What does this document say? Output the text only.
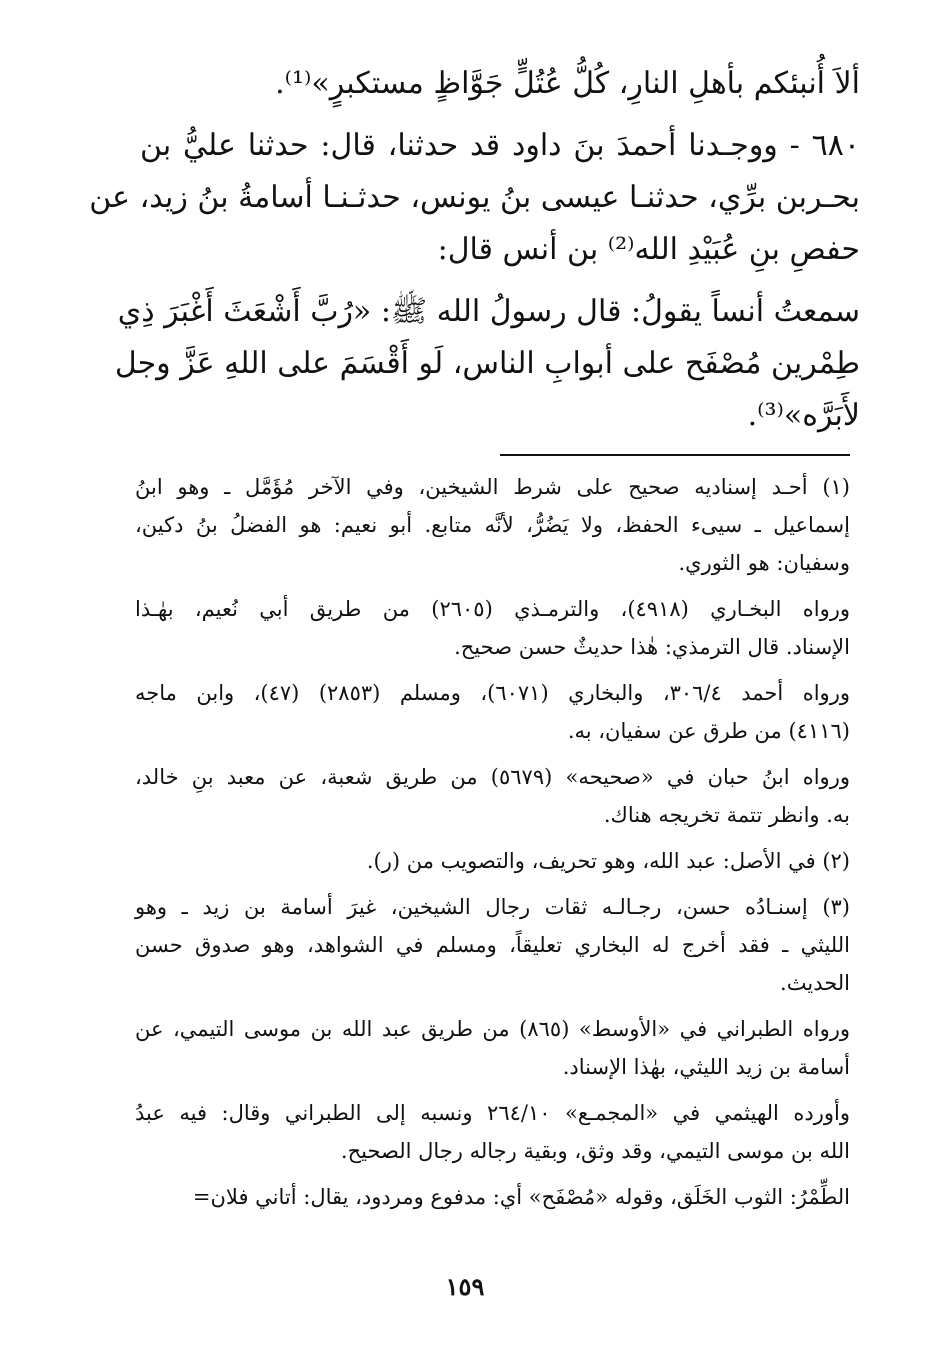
ألاَ أُنبئكم بأهلِ النارِ، كُلُّ عُتُلٍّ جَوَّاظٍ مستكبرٍ»⁽¹⁾.
٦٨٠ - ووجـدنا أحمدَ بنَ داود قد حدثنا، قال: حدثنا عليُّ بن
بحـربن برِّي، حدثنـا عيسى بنُ يونس، حدثـنـا أسامةُ بنُ زيد، عن
حفصِ بنِ عُبَيْدِ الله⁽²⁾ بن أنس قال:
سمعتُ أنساً يقولُ: قال رسولُ الله ﷺ: «رُبَّ أَشْعَثَ أَغْبَرَ ذِي
طِمْرين مُصْفَح على أبوابِ الناس، لَو أَقْسَمَ على اللهِ عَزَّ وجل
لأَبَرَّه»⁽³⁾.
(١) أحـد إسناديه صحيح على شرط الشيخين، وفي الآخر مُؤَمَّل ـ وهو ابنُ
إسماعيل ـ سيىء الحفظ، ولا يَضُرُّ، لأنَّه متابع. أبو نعيم: هو الفضلُ بنُ دكين،
وسفيان: هو الثوري.
ورواه البخـاري (٤٩١٨)، والترمـذي (٢٦٠٥) من طريق أبي نُعيم، بهٰـذا
الإسناد. قال الترمذي: هٰذا حديثٌ حسن صحيح.
ورواه أحمد ٣٠٦/٤، والبخاري (٦٠٧١)، ومسلم (٢٨٥٣) (٤٧)، وابن ماجه
(٤١١٦) من طرق عن سفيان، به.
ورواه ابنُ حبان في «صحيحه» (٥٦٧٩) من طريق شعبة، عن معبد بنِ خالد،
به. وانظر تتمة تخريجه هناك.
(٢) في الأصل: عبد الله، وهو تحريف، والتصويب من (ر).
(٣) إسنـادُه حسن، رجـالـه ثقات رجال الشيخين، غيرَ أسامة بن زيد ـ وهو
الليثي ـ فقد أخرج له البخاري تعليقاً، ومسلم في الشواهد، وهو صدوق حسن
الحديث.
ورواه الطبراني في «الأوسط» (٨٦٥) من طريق عبد الله بن موسى التيمي، عن
أسامة بن زيد الليثي، بهٰذا الإسناد.
وأورده الهيثمي في «المجمـع» ٢٦٤/١٠ ونسبه إلى الطبراني وقال: فيه عبدُ
الله بن موسى التيمي، وقد وثق، وبقية رجاله رجال الصحيح.
الطِّمْرُ: الثوب الخَلَق، وقوله «مُصْفَح» أي: مدفوع ومردود، يقال: أتاني فلان=
١٥٩
